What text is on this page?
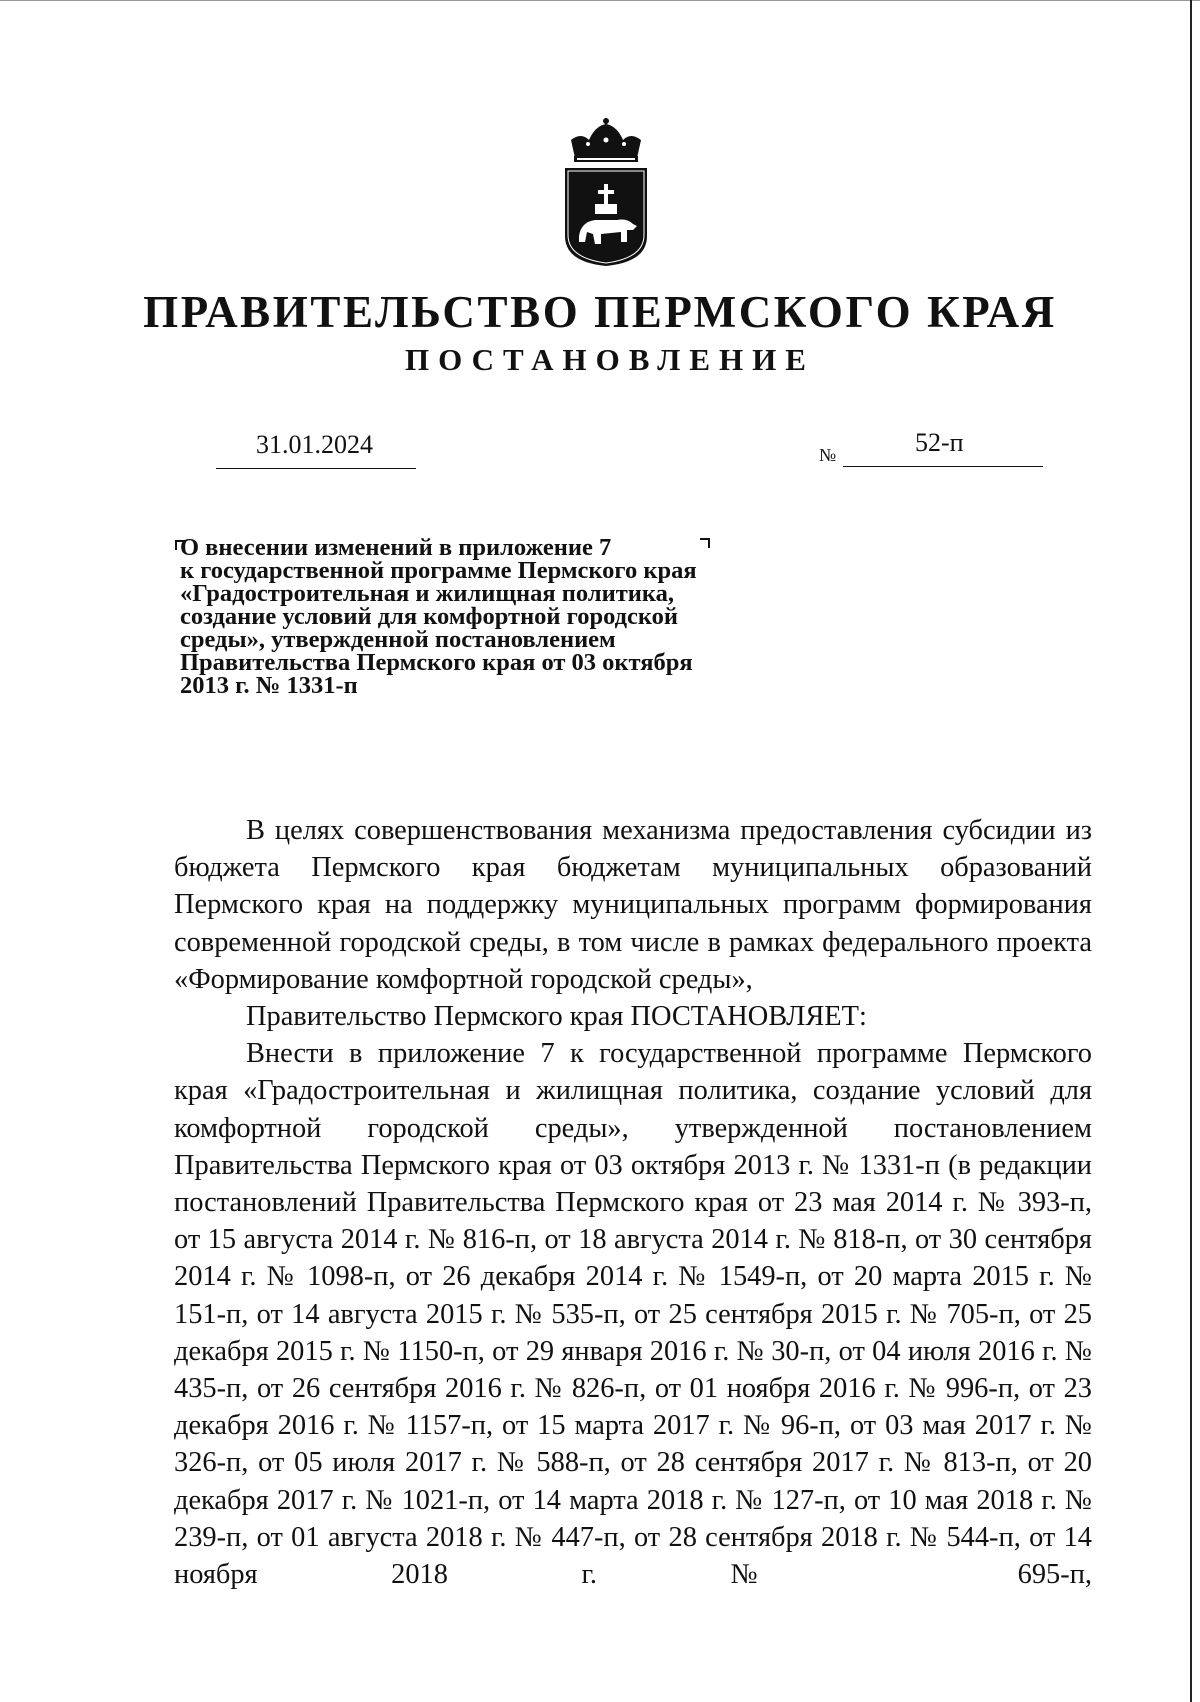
ПРАВИТЕЛЬСТВО ПЕРМСКОГО КРАЯ
ПОСТАНОВЛЕНИЕ
31.01.2024	№	52-п
О внесении изменений в приложение 7
к государственной программе Пермского края
«Градостроительная и жилищная политика,
создание условий для комфортной городской
среды», утвержденной постановлением
Правительства Пермского края от 03 октября
2013 г. № 1331-п

В целях совершенствования механизма предоставления субсидии из бюджета Пермского края бюджетам муниципальных образований Пермского края на поддержку муниципальных программ формирования современной городской среды, в том числе в рамках федерального проекта «Формирование комфортной городской среды»,

Правительство Пермского края ПОСТАНОВЛЯЕТ:

Внести в приложение 7 к государственной программе Пермского края «Градостроительная и жилищная политика, создание условий для комфортной городской среды», утвержденной постановлением Правительства Пермского края от 03 октября 2013 г. № 1331-п (в редакции постановлений Правительства Пермского края от 23 мая 2014 г. № 393-п, от 15 августа 2014 г. № 816-п, от 18 августа 2014 г. № 818-п, от 30 сентября 2014 г. № 1098-п, от 26 декабря 2014 г. № 1549-п, от 20 марта 2015 г. № 151-п, от 14 августа 2015 г. № 535-п, от 25 сентября 2015 г. № 705-п, от 25 декабря 2015 г. № 1150-п, от 29 января 2016 г. № 30-п, от 04 июля 2016 г. № 435-п, от 26 сентября 2016 г. № 826-п, от 01 ноября 2016 г. № 996-п, от 23 декабря 2016 г. № 1157-п, от 15 марта 2017 г. № 96-п, от 03 мая 2017 г. № 326-п, от 05 июля 2017 г. № 588-п, от 28 сентября 2017 г. № 813-п, от 20 декабря 2017 г. № 1021-п, от 14 марта 2018 г. № 127-п, от 10 мая 2018 г. № 239-п, от 01 августа 2018 г. № 447-п, от 28 сентября 2018 г. № 544-п, от 14 ноября 2018 г. № 695-п,
